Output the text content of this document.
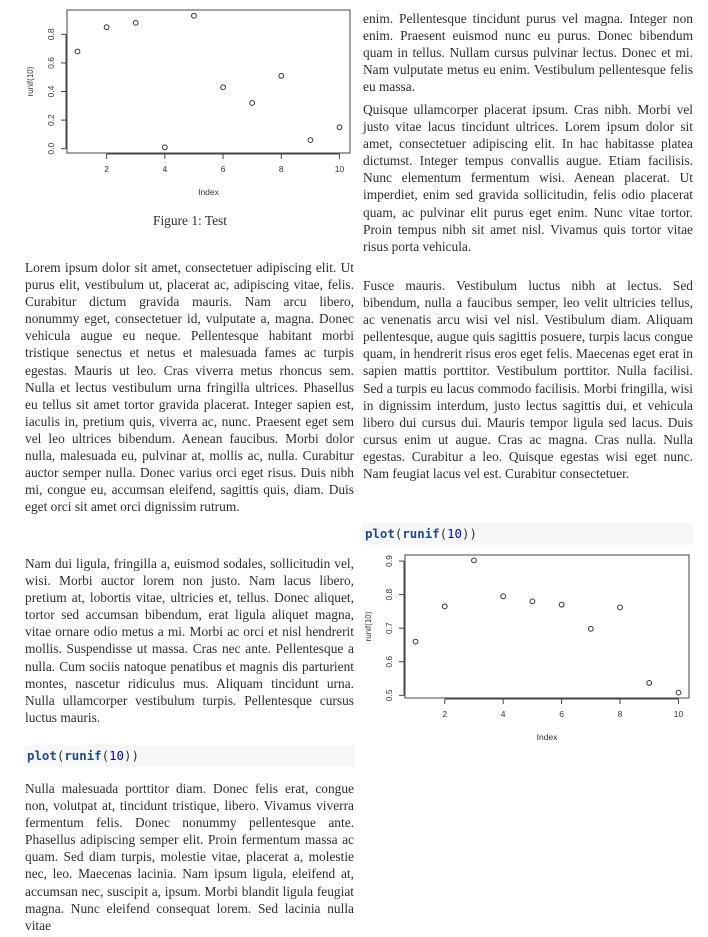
2	4	6	8	10
0.0
0.2
0.4
0.6
0.8
Index
runif(10)
Figure 1: Test

Lorem ipsum dolor sit amet, consectetuer adipiscing elit. Ut purus elit, vestibulum ut, placerat ac, adipiscing vitae, felis. Curabitur dictum gravida mauris. Nam arcu libero, nonummy eget, consectetuer id, vulputate a, magna. Donec vehicula augue eu neque. Pellentesque habitant morbi tristique senectus et netus et malesuada fames ac turpis egestas. Mauris ut leo. Cras viverra metus rhoncus sem. Nulla et lectus vestibulum urna fringilla ultrices. Phasellus eu tellus sit amet tortor gravida placerat. Integer sapien est, iaculis in, pretium quis, viverra ac, nunc. Praesent eget sem vel leo ultrices bibendum. Aenean faucibus. Morbi dolor nulla, malesuada eu, pulvinar at, mollis ac, nulla. Curabitur auctor semper nulla. Donec varius orci eget risus. Duis nibh mi, congue eu, accumsan eleifend, sagittis quis, diam. Duis eget orci sit amet orci dignissim rutrum.

Nam dui ligula, fringilla a, euismod sodales, sollicitudin vel, wisi. Morbi auctor lorem non justo. Nam lacus libero, pretium at, lobortis vitae, ultricies et, tellus. Donec aliquet, tortor sed accumsan bibendum, erat ligula aliquet magna, vitae ornare odio metus a mi. Morbi ac orci et nisl hendrerit mollis. Suspendisse ut massa. Cras nec ante. Pellentesque a nulla. Cum sociis natoque penatibus et magnis dis parturient montes, nascetur ridiculus mus. Aliquam tincidunt urna. Nulla ullamcorper vestibulum turpis. Pellentesque cursus luctus mauris.

plot(runif(10))

Nulla malesuada porttitor diam. Donec felis erat, congue non, volutpat at, tincidunt tristique, libero. Vivamus viverra fermentum felis. Donec nonummy pellentesque ante. Phasellus adipiscing semper elit. Proin fermentum massa ac quam. Sed diam turpis, molestie vitae, placerat a, molestie nec, leo. Maecenas lacinia. Nam ipsum ligula, eleifend at, accumsan nec, suscipit a, ipsum. Morbi blandit ligula feugiat magna. Nunc eleifend consequat lorem. Sed lacinia nulla vitae

enim. Pellentesque tincidunt purus vel magna. Integer non enim. Praesent euismod nunc eu purus. Donec bibendum quam in tellus. Nullam cursus pulvinar lectus. Donec et mi. Nam vulputate metus eu enim. Vestibulum pellentesque felis eu massa.

Quisque ullamcorper placerat ipsum. Cras nibh. Morbi vel justo vitae lacus tincidunt ultrices. Lorem ipsum dolor sit amet, consectetuer adipiscing elit. In hac habitasse platea dictumst. Integer tempus convallis augue. Etiam facilisis. Nunc elementum fermentum wisi. Aenean placerat. Ut imperdiet, enim sed gravida sollicitudin, felis odio placerat quam, ac pulvinar elit purus eget enim. Nunc vitae tortor. Proin tempus nibh sit amet nisl. Vivamus quis tortor vitae risus porta vehicula.

Fusce mauris. Vestibulum luctus nibh at lectus. Sed bibendum, nulla a faucibus semper, leo velit ultricies tellus, ac venenatis arcu wisi vel nisl. Vestibulum diam. Aliquam pellentesque, augue quis sagittis posuere, turpis lacus congue quam, in hendrerit risus eros eget felis. Maecenas eget erat in sapien mattis porttitor. Vestibulum porttitor. Nulla facilisi. Sed a turpis eu lacus commodo facilisis. Morbi fringilla, wisi in dignissim interdum, justo lectus sagittis dui, et vehicula libero dui cursus dui. Mauris tempor ligula sed lacus. Duis cursus enim ut augue. Cras ac magna. Cras nulla. Nulla egestas. Curabitur a leo. Quisque egestas wisi eget nunc. Nam feugiat lacus vel est. Curabitur consectetuer.

plot(runif(10))
2	4	6	8	10
0.5
0.6
0.7
0.8
0.9
Index
runif(10)
